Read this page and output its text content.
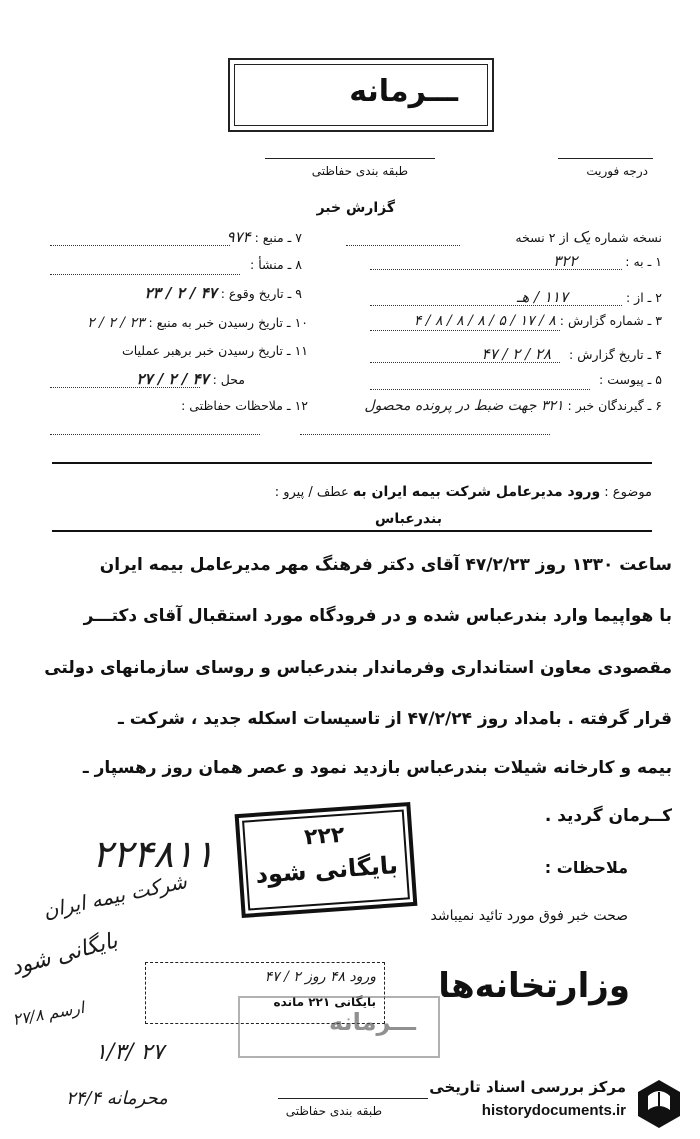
ـــرمانه
طبقه بندی حفاظتی	درجه فوریت
گزارش خبر
نسخه شماره یک از ۲ نسخه
۱ ـ به :  ۳۲۲
۲ ـ از :  ۱۱۷ / هـ
۳ ـ شماره گزارش : ۸ / ۱۷ / ۵ / ۸ / ۸ / ۸ / ۴
۴ ـ تاریخ گزارش :  ۲۸ / ۲ / ۴۷
۵ ـ پیوست :
۶ ـ گیرندگان خبر : ۳۲۱ جهت ضبط در پرونده محصول
۷ ـ منبع : ۹۷۴
۸ ـ منشأ :
۹ ـ تاریخ وقوع : ۴۷ / ۲ / ۲۳
۱۰ ـ تاریخ رسیدن خبر به منبع : ۲۳ / ۲ / ۲
۱۱ ـ تاریخ رسیدن خبر برهبر عملیات
محل : ۴۷ / ۲ / ۲۷
۱۲ ـ ملاحظات حفاظتی :
موضوع : ورود مدیرعامل شرکت بیمه ایران به عطف / پیرو :
بندرعباس
ساعت ۱۳۳۰ روز ۴۷/۲/۲۳ آقای دکتر فرهنگ مهر مدیرعامل بیمه ایران
با هواپیما وارد بندرعباس شده و در فرودگاه مورد استقبال آقای دکتـــر
مقصودی معاون استانداری وفرماندار بندرعباس و روسای سازمانهای دولتی
قرار گرفته . بامداد روز ۴۷/۲/۲۴ از تاسیسات اسکله جدید ، شرکت ـ
بیمه و کارخانه شیلات بندرعباس بازدید نمود و عصر همان روز رهسپار ـ
کــرمان گردید .
ملاحظات :
صحت خبر فوق مورد تائید نمیباشد
۲۲۲
بایگانی شود
۲۲۴۸۱۱
شرکت بیمه ایران
بایگانی شود
ارسم ۲۷/۸
۱/۳/ ۲۷
محرمانه ۲۴/۴
وزارتخانه‌ها
ورود ۴۸ روز ۲ / ۴۷
بایگانی ۲۲۱ مانده
ـــرمانه
طبقه بندی حفاظتی
مرکز بررسی اسناد تاریخی
historydocuments.ir
